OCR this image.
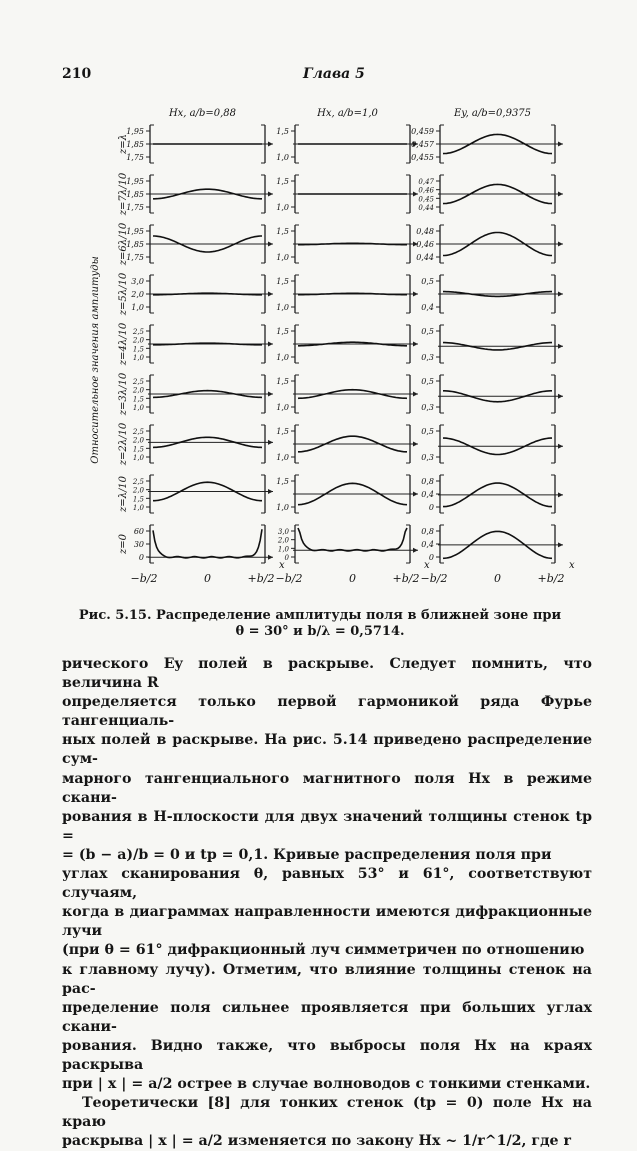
210	Глава 5
Hx, a/b=0,88	Hx, a/b=1,0	Ey, a/b=0,9375
Относительное значения амплитуды
z=λ
1,95
1,85
1,75
1,5
1,0
0,459
0,457
0,455
z=7λ/10
1,95
1,85
1,75
1,5
1,0
0,47
0,46
0,45
0,44
z=6λ/10
1,95
1,85
1,75
1,5
1,0
0,48
0,46
0,44
z=5λ/10 3,0
2,0
1,0
1,5
1,0
0,5
0,4
z=4λ/10 2,5
2,0
1,5
1,0
1,5
1,0
0,5
0,3
z=3λ/10 2,5
2,0
1,5
1,0
1,5
1,0
0,5
0,3
z=2λ/10 2,5
2,0
1,5
1,0
1,5
1,0
0,5
0,3
z=λ/10 2,5
2,0
1,5
1,0
1,5
1,0
0,8
0,4
0
z=0
60
30
0
3,0
2,0
1,0
0
0,8
0,4
0
−b/2	0	+b/2
x
−b/2	0	+b/2
x
−b/2	0	+b/2
x
Рис. 5.15. Распределение амплитуды поля в ближней зоне при
θ = 30° и b/λ = 0,5714.

рического Ey полей в раскрыве. Следует помнить, что величина R

определяется только первой гармоникой ряда Фурье тангенциаль-

ных полей в раскрыве. На рис. 5.14 приведено распределение сум-

марного тангенциального магнитного поля Hx в режиме скани-

рования в H-плоскости для двух значений толщины стенок tp =

= (b − a)/b = 0 и tp = 0,1. Кривые распределения поля при

углах сканирования θ, равных 53° и 61°, соответствуют случаям,

когда в диаграммах направленности имеются дифракционные лучи

(при θ = 61° дифракционный луч симметричен по отношению

к главному лучу). Отметим, что влияние толщины стенок на рас-

пределение поля сильнее проявляется при больших углах скани-

рования. Видно также, что выбросы поля Hx на краях раскрыва

при | x | = a/2 острее в случае волноводов с тонкими стенками.

Теоретически [8] для тонких стенок (tp = 0) поле Hx на краю

раскрыва | x | = a/2 изменяется по закону Hx ~ 1/r^1/2, где r
